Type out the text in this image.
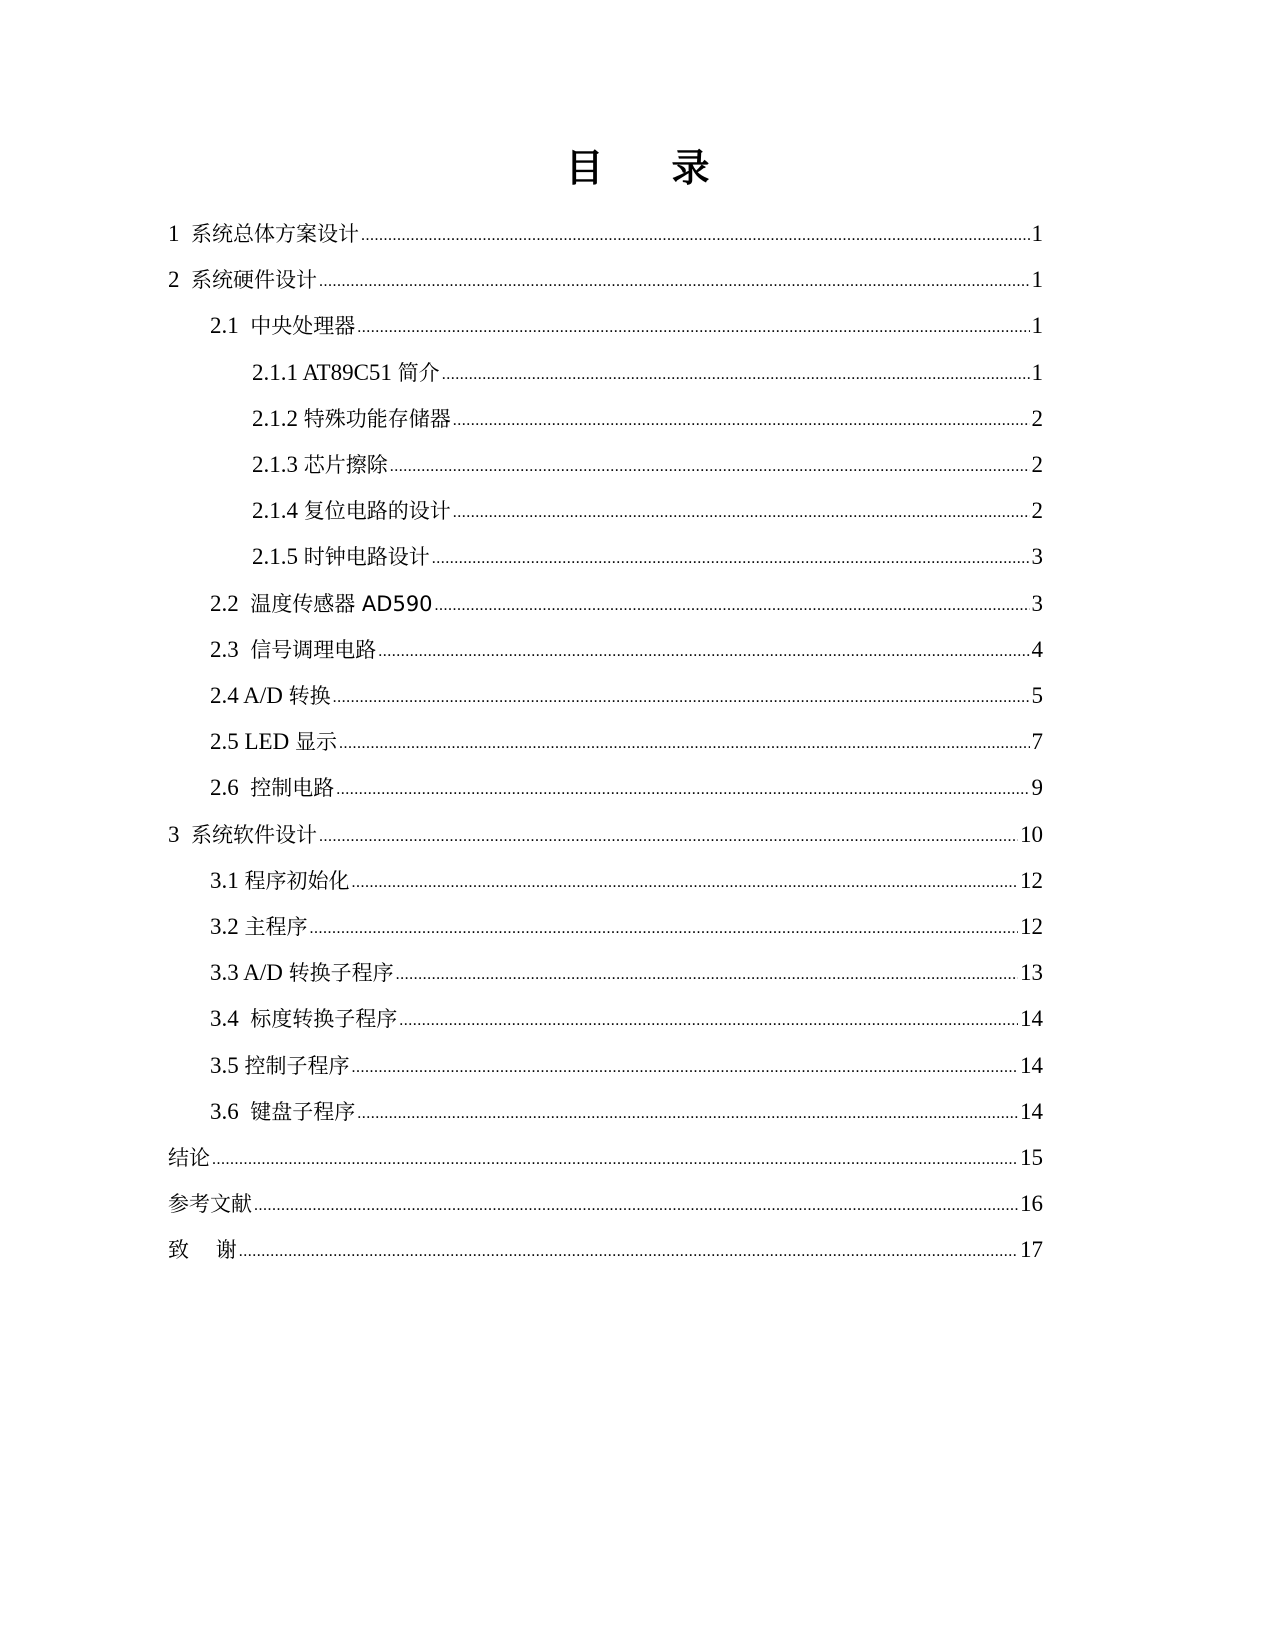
目 录
1 系统总体方案设计 .....	1
2 系统硬件设计 .....	1
2.1 中央处理器 .....	1
2.1.1 AT89C51 简介 .....	1
2.1.2 特殊功能存储器 .....	2
2.1.3 芯片擦除 .....	2
2.1.4 复位电路的设计 .....	2
2.1.5 时钟电路设计 .....	3
2.2 温度传感器 AD590 .....	3
2.3 信号调理电路 .....	4
2.4 A/D 转换 .....	5
2.5 LED 显示 .....	7
2.6 控制电路 .....	9
3 系统软件设计 .....	10
3.1 程序初始化 .....	12
3.2 主程序 .....	12
3.3 A/D 转换子程序 .....	13
3.4 标度转换子程序 .....	14
3.5 控制子程序 .....	14
3.6 键盘子程序 .....	14
结论 .....	15
参考文献 .....	16
致    谢 .....	17
